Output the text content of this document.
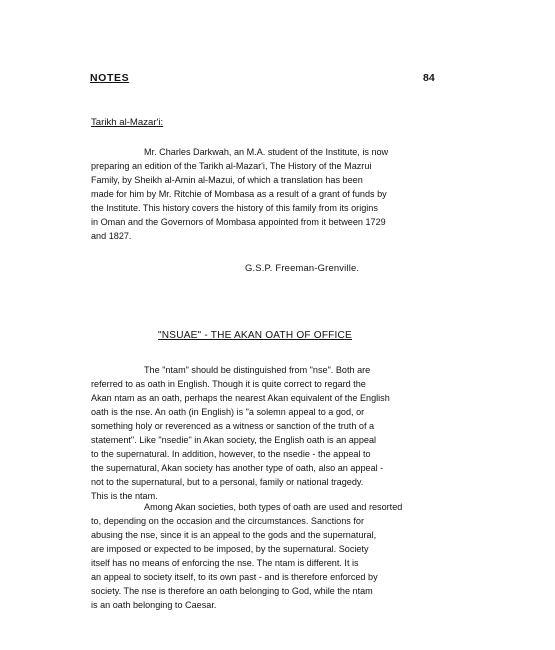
NOTES	84
Tarikh al-Mazar'i:
Mr. Charles Darkwah, an M.A. student of the Institute, is now
preparing an edition of the Tarikh al-Mazar'i, The History of the Mazrui
Family, by Sheikh al-Amin al-Mazui, of which a translation has been
made for him by Mr. Ritchie of Mombasa as a result of a grant of funds by
the Institute. This history covers the history of this family from its origins
in Oman and the Governors of Mombasa appointed from it between 1729
and 1827.
G.S.P. Freeman-Grenville.
"NSUAE" - THE AKAN OATH OF OFFICE
The "ntam" should be distinguished from "nse". Both are
referred to as oath in English. Though it is quite correct to regard the
Akan ntam as an oath, perhaps the nearest Akan equivalent of the English
oath is the nse. An oath (in English) is "a solemn appeal to a god, or
something holy or reverenced as a witness or sanction of the truth of a
statement". Like "nsedie" in Akan society, the English oath is an appeal
to the supernatural. In addition, however, to the nsedie - the appeal to
the supernatural, Akan society has another type of oath, also an appeal -
not to the supernatural, but to a personal, family or national tragedy.
This is the ntam.
Among Akan societies, both types of oath are used and resorted
to, depending on the occasion and the circumstances. Sanctions for
abusing the nse, since it is an appeal to the gods and the supernatural,
are imposed or expected to be imposed, by the supernatural. Society
itself has no means of enforcing the nse. The ntam is different. It is
an appeal to society itself, to its own past - and is therefore enforced by
society. The nse is therefore an oath belonging to God, while the ntam
is an oath belonging to Caesar.
